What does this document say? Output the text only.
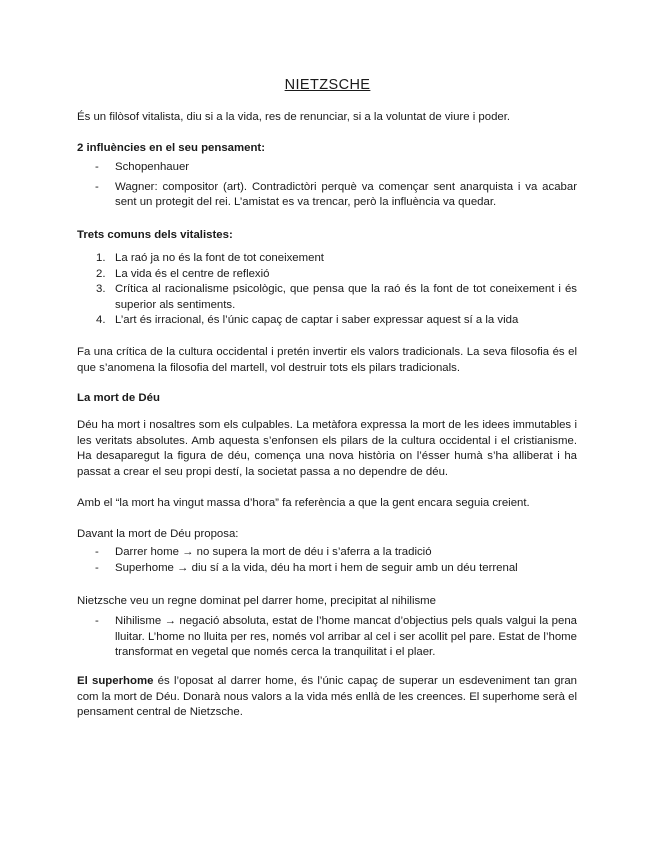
NIETZSCHE

És un filòsof vitalista, diu si a la vida, res de renunciar, si a la voluntat de viure i poder.

2 influències en el seu pensament:

- Schopenhauer
- Wagner: compositor (art). Contradictòri perquè va començar sent anarquista i va acabar sent un protegit del rei. L’amistat es va trencar, però la influència va quedar.

Trets comuns dels vitalistes:

1. La raó ja no és la font de tot coneixement
2. La vida és el centre de reflexió
3. Crítica al racionalisme psicològic, que pensa que la raó és la font de tot coneixement i és superior als sentiments.
4. L’art és irracional, és l’únic capaç de captar i saber expressar aquest sí a la vida

Fa una crítica de la cultura occidental i pretén invertir els valors tradicionals. La seva filosofia és el que s’anomena la filosofia del martell, vol destruir tots els pilars tradicionals.

La mort de Déu

Déu ha mort i nosaltres som els culpables. La metàfora expressa la mort de les idees immutables i les veritats absolutes. Amb aquesta s’enfonsen els pilars de la cultura occidental i el cristianisme. Ha desaparegut la figura de déu, comença una nova història on l’ésser humà s’ha alliberat i ha passat a crear el seu propi destí, la societat passa a no dependre de déu.

Amb el “la mort ha vingut massa d’hora” fa referència a que la gent encara seguia creient.

Davant la mort de Déu proposa:

- Darrer home → no supera la mort de déu i s’aferra a la tradició
- Superhome → diu sí a la vida, déu ha mort i hem de seguir amb un déu terrenal

Nietzsche veu un regne dominat pel darrer home, precipitat al nihilisme

- Nihilisme → negació absoluta, estat de l’home mancat d’objectius pels quals valgui la pena lluitar. L’home no lluita per res, només vol arribar al cel i ser acollit pel pare. Estat de l’home transformat en vegetal que només cerca la tranquilitat i el plaer.

El superhome és l’oposat al darrer home, és l’únic capaç de superar un esdeveniment tan gran com la mort de Déu. Donarà nous valors a la vida més enllà de les creences. El superhome serà el pensament central de Nietzsche.
